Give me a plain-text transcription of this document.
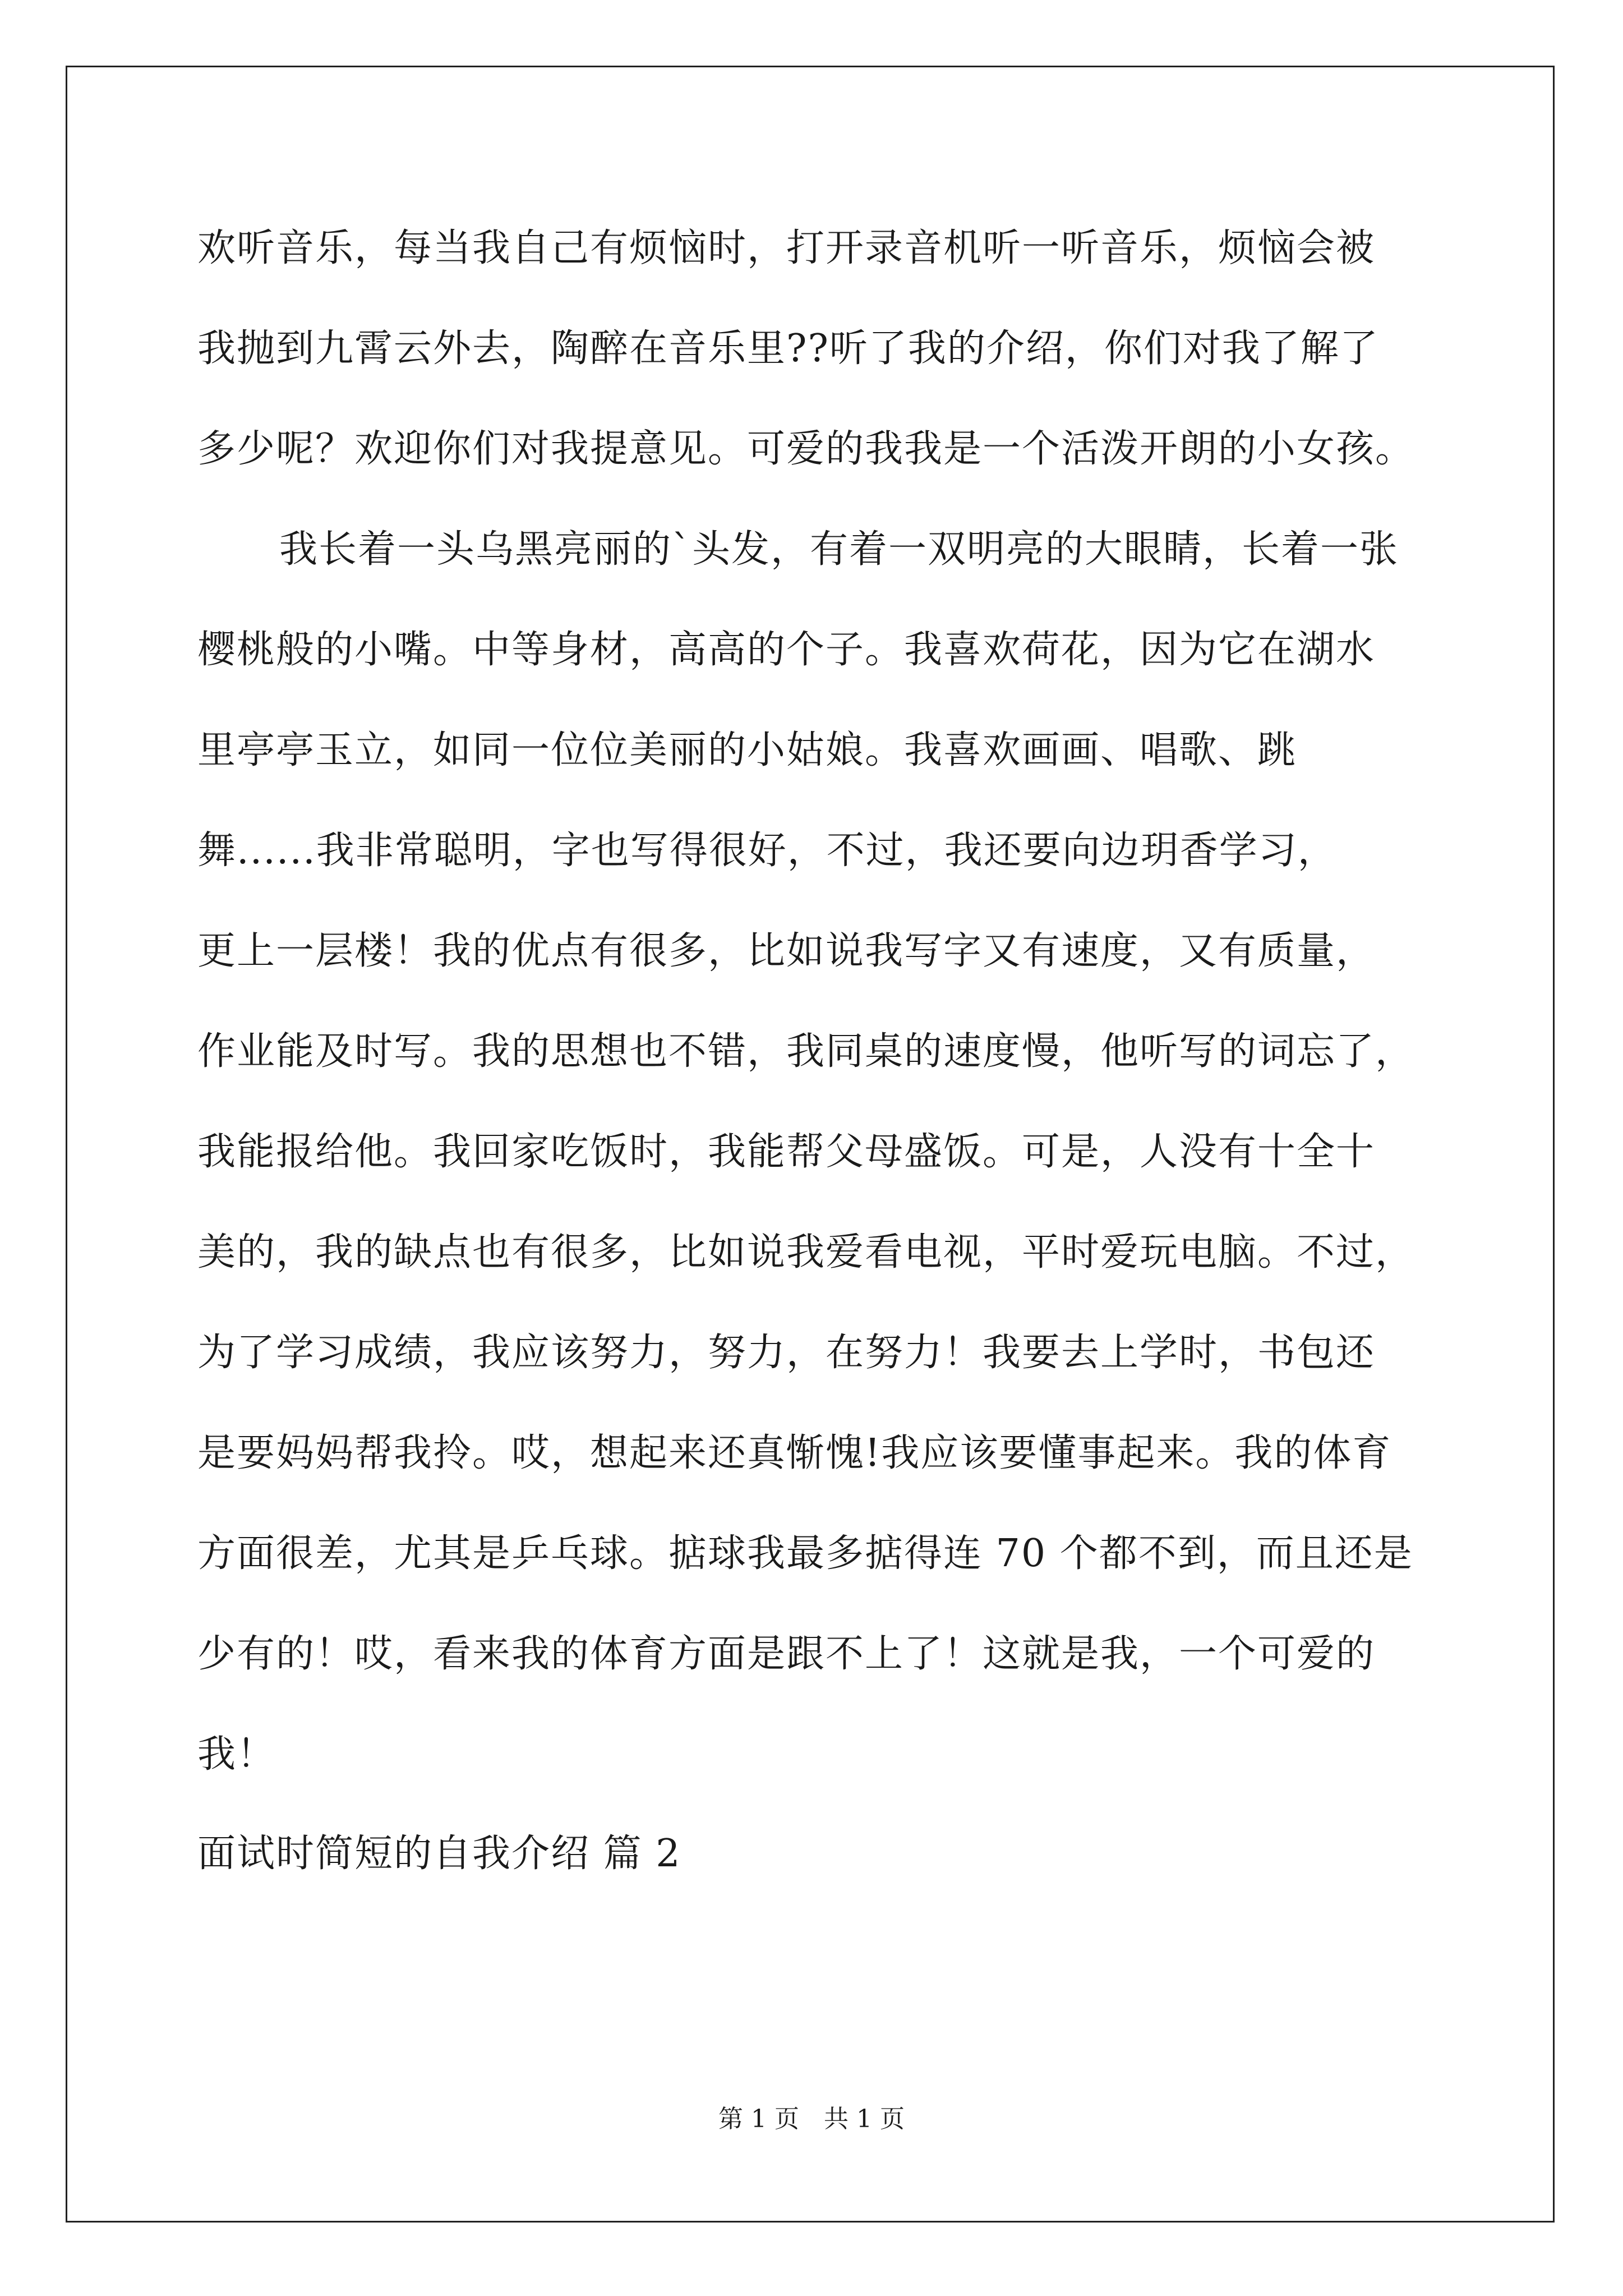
欢听音乐，每当我自己有烦恼时，打开录音机听一听音乐，烦恼会被
我抛到九霄云外去，陶醉在音乐里??听了我的介绍，你们对我了解了
多少呢？欢迎你们对我提意见。可爱的我我是一个活泼开朗的小女孩。
我长着一头乌黑亮丽的`头发，有着一双明亮的大眼睛，长着一张
樱桃般的小嘴。中等身材，高高的个子。我喜欢荷花，因为它在湖水
里亭亭玉立，如同一位位美丽的小姑娘。我喜欢画画、唱歌、跳
舞......我非常聪明，字也写得很好，不过，我还要向边玥香学习，
更上一层楼！我的优点有很多，比如说我写字又有速度，又有质量，
作业能及时写。我的思想也不错，我同桌的速度慢，他听写的词忘了，
我能报给他。我回家吃饭时，我能帮父母盛饭。可是，人没有十全十
美的，我的缺点也有很多，比如说我爱看电视，平时爱玩电脑。不过，
为了学习成绩，我应该努力，努力，在努力！我要去上学时，书包还
是要妈妈帮我拎。哎，想起来还真惭愧!我应该要懂事起来。我的体育
方面很差，尤其是乒乓球。掂球我最多掂得连 70 个都不到，而且还是
少有的！哎，看来我的体育方面是跟不上了！这就是我，一个可爱的
我！
面试时简短的自我介绍 篇 2
第 1 页　共 1 页
